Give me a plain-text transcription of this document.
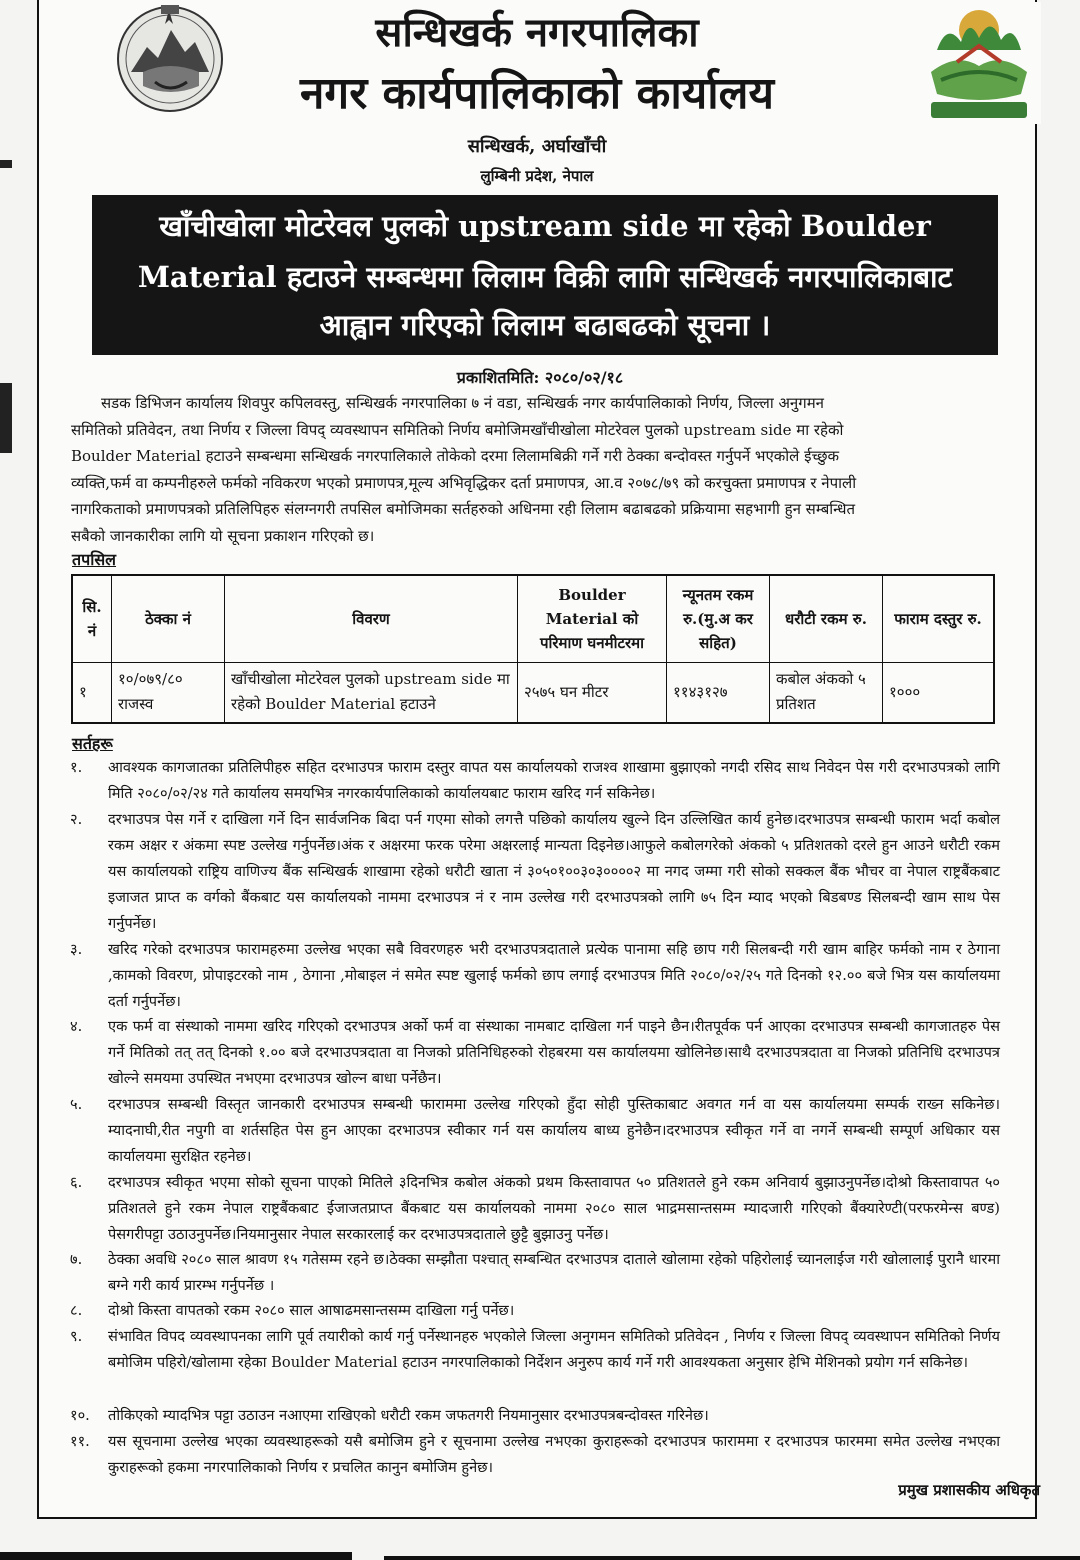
सन्धिखर्क नगरपालिका
नगर कार्यपालिकाको कार्यालय
सन्धिखर्क, अर्घाखाँची
लुम्बिनी प्रदेश, नेपाल
खाँचीखोला मोटरेवल पुलको upstream side मा रहेको Boulder
Material हटाउने सम्बन्धमा लिलाम विक्री लागि सन्धिखर्क नगरपालिकाबाट
आह्वान गरिएको लिलाम बढाबढको सूचना ।
प्रकाशितमिति: २०८०/०२/१८
सडक डिभिजन कार्यालय शिवपुर कपिलवस्तु, सन्धिखर्क नगरपालिका ७ नं वडा, सन्धिखर्क नगर कार्यपालिकाको निर्णय, जिल्ला अनुगमन
समितिको प्रतिवेदन, तथा निर्णय र जिल्ला विपद् व्यवस्थापन समितिको निर्णय बमोजिमखाँचीखोला मोटरेवल पुलको upstream side मा रहेको
Boulder Material हटाउने सम्बन्धमा सन्धिखर्क नगरपालिकाले तोकेको दरमा लिलामबिक्री गर्ने गरी ठेक्का बन्दोवस्त गर्नुपर्ने भएकोले ईच्छुक
व्यक्ति,फर्म वा कम्पनीहरुले फर्मको नविकरण भएको प्रमाणपत्र,मूल्य अभिवृद्धिकर दर्ता प्रमाणपत्र, आ.व २०७८/७९ को करचुक्ता प्रमाणपत्र र नेपाली
नागरिकताको प्रमाणपत्रको प्रतिलिपिहरु संलग्नगरी तपसिल बमोजिमका सर्तहरुको अधिनमा रही लिलाम बढाबढको प्रक्रियामा सहभागी हुन सम्बन्धित
सबैको जानकारीका लागि यो सूचना प्रकाशन गरिएको छ।
तपसिल
सि. नं	ठेक्का नं	विवरण	Boulder Material को परिमाण घनमीटरमा	न्यूनतम रकम रु.(मु.अ कर सहित)	धरौटी रकम रु.	फाराम दस्तुर रु.
१	१०/०७९/८० राजस्व	खाँचीखोला मोटरेवल पुलको upstream side मा रहेको Boulder Material हटाउने	२५७५ घन मीटर	११४३१२७	कबोल अंकको ५ प्रतिशत	१०००
सर्तहरू
१. आवश्यक कागजातका प्रतिलिपीहरु सहित दरभाउपत्र फाराम दस्तुर वापत यस कार्यालयको राजश्व शाखामा बुझाएको नगदी रसिद साथ निवेदन पेस गरी दरभाउपत्रको लागि मिति २०८०/०२/२४ गते कार्यालय समयभित्र नगरकार्यपालिकाको कार्यालयबाट फाराम खरिद गर्न सकिनेछ।
२. दरभाउपत्र पेस गर्ने र दाखिला गर्ने दिन सार्वजनिक बिदा पर्न गएमा सोको लगत्तै पछिको कार्यालय खुल्ने दिन उल्लिखित कार्य हुनेछ।दरभाउपत्र सम्बन्धी फाराम भर्दा कबोल रकम अक्षर र अंकमा स्पष्ट उल्लेख गर्नुपर्नेछ।अंक र अक्षरमा फरक परेमा अक्षरलाई मान्यता दिइनेछ।आफुले कबोलगरेको अंकको ५ प्रतिशतको दरले हुन आउने धरौटी रकम यस कार्यालयको राष्ट्रिय वाणिज्य बैंक सन्धिखर्क शाखामा रहेको धरौटी खाता नं ३०५०१००३०३००००२ मा नगद जम्मा गरी सोको सक्कल बैंक भौचर वा नेपाल राष्ट्रबैंकबाट इजाजत प्राप्त क वर्गको बैंकबाट यस कार्यालयको नाममा दरभाउपत्र नं र नाम उल्लेख गरी दरभाउपत्रको लागि ७५ दिन म्याद भएको बिडबण्ड सिलबन्दी खाम साथ पेस गर्नुपर्नेछ।
३. खरिद गरेको दरभाउपत्र फारामहरुमा उल्लेख भएका सबै विवरणहरु भरी दरभाउपत्रदाताले प्रत्येक पानामा सहि छाप गरी सिलबन्दी गरी खाम बाहिर फर्मको नाम र ठेगाना ,कामको विवरण, प्रोपाइटरको नाम , ठेगाना ,मोबाइल नं समेत स्पष्ट खुलाई फर्मको छाप लगाई दरभाउपत्र मिति २०८०/०२/२५ गते दिनको १२.०० बजे भित्र यस कार्यालयमा दर्ता गर्नुपर्नेछ।
४. एक फर्म वा संस्थाको नाममा खरिद गरिएको दरभाउपत्र अर्को फर्म वा संस्थाका नामबाट दाखिला गर्न पाइने छैन।रीतपूर्वक पर्न आएका दरभाउपत्र सम्बन्धी कागजातहरु पेस गर्ने मितिको तत् तत् दिनको १.०० बजे दरभाउपत्रदाता वा निजको प्रतिनिधिहरुको रोहबरमा यस कार्यालयमा खोलिनेछ।साथै दरभाउपत्रदाता वा निजको प्रतिनिधि दरभाउपत्र खोल्ने समयमा उपस्थित नभएमा दरभाउपत्र खोल्न बाधा पर्नेछैन।
५. दरभाउपत्र सम्बन्धी विस्तृत जानकारी दरभाउपत्र सम्बन्धी फाराममा उल्लेख गरिएको हुँदा सोही पुस्तिकाबाट अवगत गर्न वा यस कार्यालयमा सम्पर्क राख्न सकिनेछ।म्यादनाघी,रीत नपुगी वा शर्तसहित पेस हुन आएका दरभाउपत्र स्वीकार गर्न यस कार्यालय बाध्य हुनेछैन।दरभाउपत्र स्वीकृत गर्ने वा नगर्ने सम्बन्धी सम्पूर्ण अधिकार यस कार्यालयमा सुरक्षित रहनेछ।
६. दरभाउपत्र स्वीकृत भएमा सोको सूचना पाएको मितिले ३दिनभित्र कबोल अंकको प्रथम किस्तावापत ५० प्रतिशतले हुने रकम अनिवार्य बुझाउनुपर्नेछ।दोश्रो किस्तावापत ५० प्रतिशतले हुने रकम नेपाल राष्ट्रबैंकबाट ईजाजतप्राप्त बैंकबाट यस कार्यालयको नाममा २०८० साल भाद्रमसान्तसम्म म्यादजारी गरिएको बैंक्यारेण्टी(परफरमेन्स बण्ड) पेसगरीपट्टा उठाउनुपर्नेछ।नियमानुसार नेपाल सरकारलाई कर दरभाउपत्रदाताले छुट्टै बुझाउनु पर्नेछ।
७. ठेक्का अवधि २०८० साल श्रावण १५ गतेसम्म रहने छ।ठेक्का सम्झौता पश्चात् सम्बन्धित दरभाउपत्र दाताले खोलामा रहेको पहिरोलाई च्यानलाईज गरी खोलालाई पुरानै धारमा बग्ने गरी कार्य प्रारम्भ गर्नुपर्नेछ ।
८. दोश्रो किस्ता वापतको रकम २०८० साल आषाढमसान्तसम्म दाखिला गर्नु पर्नेछ।
९. संभावित विपद व्यवस्थापनका लागि पूर्व तयारीको कार्य गर्नु पर्नेस्थानहरु भएकोले जिल्ला अनुगमन समितिको प्रतिवेदन , निर्णय र जिल्ला विपद् व्यवस्थापन समितिको निर्णय बमोजिम पहिरो/खोलामा रहेका Boulder Material हटाउन नगरपालिकाको निर्देशन अनुरुप कार्य गर्ने गरी आवश्यकता अनुसार हेभि मेशिनको प्रयोग गर्न सकिनेछ।
१०. तोकिएको म्यादभित्र पट्टा उठाउन नआएमा राखिएको धरौटी रकम जफतगरी नियमानुसार दरभाउपत्रबन्दोवस्त गरिनेछ।
११. यस सूचनामा उल्लेख भएका व्यवस्थाहरूको यसै बमोजिम हुने र सूचनामा उल्लेख नभएका कुराहरूको दरभाउपत्र फाराममा र दरभाउपत्र फारममा समेत उल्लेख नभएका कुराहरूको हकमा नगरपालिकाको निर्णय र प्रचलित कानुन बमोजिम हुनेछ।
प्रमुख प्रशासकीय अधिकृत
